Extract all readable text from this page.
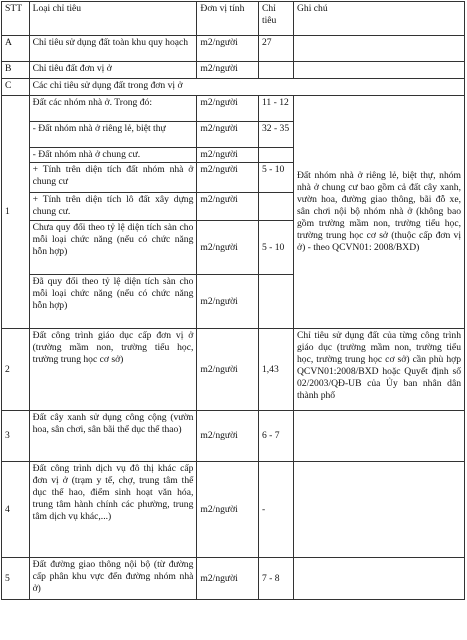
STT	Loại chỉ tiêu	Đơn vị tính	Chỉ tiêu	Ghi chú
A	Chỉ tiêu sử dụng đất toàn khu quy hoạch	m2/người	27	
B	Chỉ tiêu đất đơn vị ở	m2/người		
C	Các chỉ tiêu sử dụng đất trong đơn vị ở			
1	Đất các nhóm nhà ở. Trong đó:	m2/người	11 - 12	Đất nhóm nhà ở riêng lẻ, biệt thự, nhóm nhà ở chung cư bao gồm cả đất cây xanh, vườn hoa, đường giao thông, bãi đỗ xe, sân chơi nội bộ nhóm nhà ở (không bao gồm trường mầm non, trường tiểu học, trường trung học cơ sở (thuộc cấp đơn vị ở) - theo QCVN01: 2008/BXD)
	- Đất nhóm nhà ở riêng lẻ, biệt thự	m2/người	32 - 35	
	- Đất nhóm nhà ở chung cư.	m2/người		
	+ Tính trên diện tích đất nhóm nhà ở chung cư	m2/người	5 - 10	
	+ Tính trên diện tích lô đất xây dựng chung cư.	m2/người		
	Chưa quy đổi theo tỷ lệ diện tích sàn cho mỗi loại chức năng (nếu có chức năng hỗn hợp)	m2/người	5 - 10	
	Đã quy đổi theo tỷ lệ diện tích sàn cho mỗi loại chức năng (nếu có chức năng hỗn hợp)	m2/người		
2	Đất công trình giáo dục cấp đơn vị ở (trường mầm non, trường tiểu học, trường trung học cơ sở)	m2/người	1,43	Chỉ tiêu sử dụng đất của từng công trình giáo dục (trường mầm non, trường tiểu học, trường trung học cơ sở) cần phù hợp QCVN01:2008/BXD hoặc Quyết định số 02/2003/QĐ-UB của Ủy ban nhân dân thành phố
3	Đất cây xanh sử dụng công cộng (vườn hoa, sân chơi, sân bãi thể dục thể thao)	m2/người	6 - 7	
4	Đất công trình dịch vụ đô thị khác cấp đơn vị ở (trạm y tế, chợ, trung tâm thể dục thể hao, điểm sinh hoạt văn hóa, trung tâm hành chính các phường, trung tâm dịch vụ khác,...)	m2/người	-	
5	Đất đường giao thông nội bộ (từ đường cấp phân khu vực đến đường nhóm nhà ở)	m2/người	7 - 8	
